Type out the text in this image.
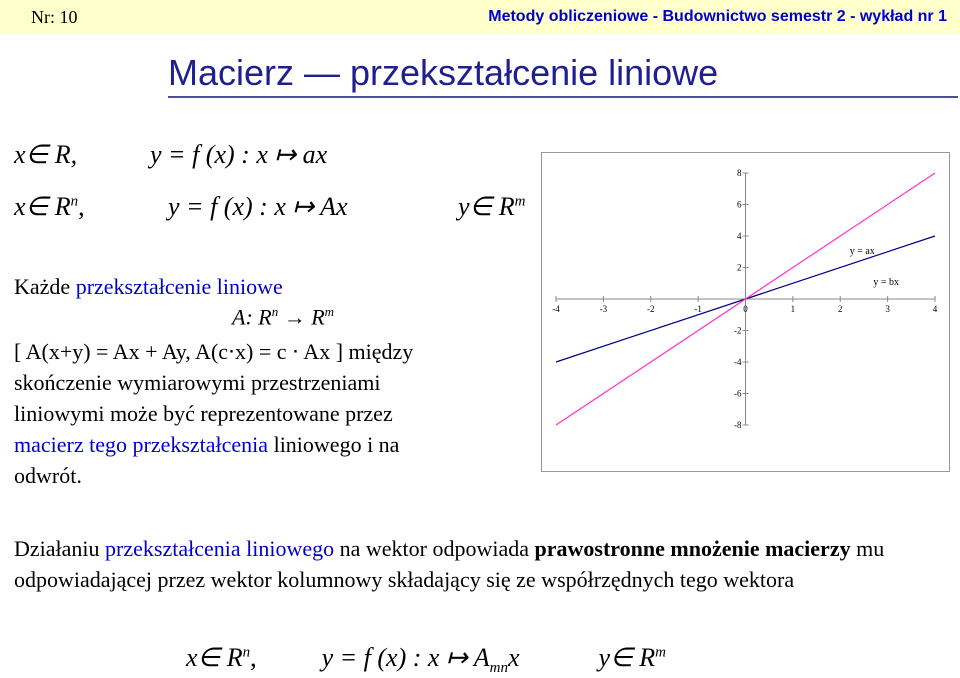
Nr: 10	Metody obliczeniowe - Budownictwo semestr 2 - wykład nr 1
Macierz — przekształcenie liniowe
x∈ R,	y = f (x) : x ↦ ax
x∈ $R^n$,	y = f (x) : x ↦ Ax	y∈ $R^m$
Każde przekształcenie liniowe
A: $R^n \to R^m$
[ A(x+y) = Ax + Ay, A(c⋅x) = c ⋅ Ax ] między
skończenie wymiarowymi przestrzeniami
liniowymi może być reprezentowane przez
macierz tego przekształcenia liniowego i na
odwrót.
-4	-3	-2	-1	0	1	2	3	4
8
6
4
2
-2
-4
-6
-8
y = ax
y = bx
Działaniu przekształcenia liniowego na wektor odpowiada prawostronne mnożenie macierzy mu odpowiadającej przez wektor kolumnowy składający się ze współrzędnych tego wektora
x∈ $R^n$,	y = f (x) : x ↦ $A_{mn}x$	y∈ $R^m$
